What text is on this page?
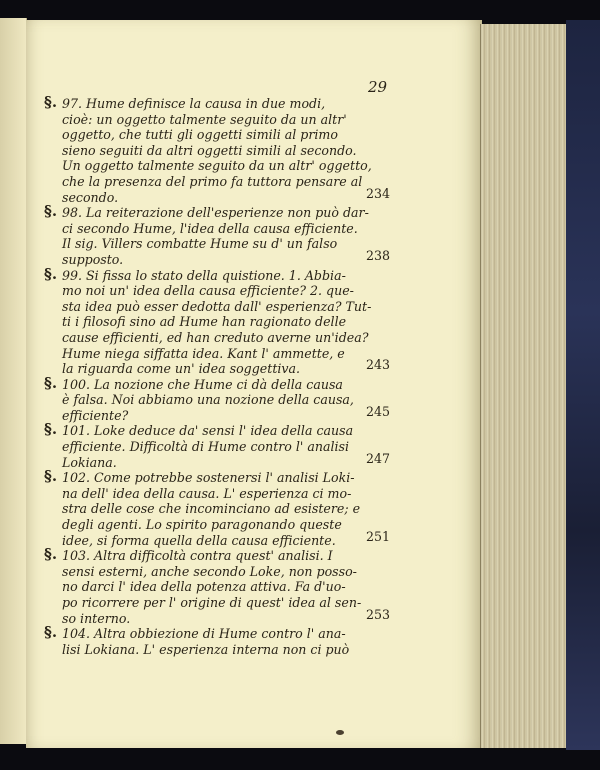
29
§. 97. Hume definisce la causa in due modi,
cioè: un oggetto talmente seguito da un altr'
oggetto, che tutti gli oggetti simili al primo
sieno seguiti da altri oggetti simili al secondo.
Un oggetto talmente seguito da un altr' oggetto,
che la presenza del primo fa tuttora pensare al
secondo.	234
§. 98. La reiterazione dell'esperienze non può dar-
ci secondo Hume, l'idea della causa efficiente.
Il sig. Villers combatte Hume su d' un falso
supposto.	238
§. 99. Si fissa lo stato della quistione. 1. Abbia-
mo noi un' idea della causa efficiente? 2. que-
sta idea può esser dedotta dall' esperienza? Tut-
ti i filosofi sino ad Hume han ragionato delle
cause efficienti, ed han creduto averne un'idea?
Hume niega siffatta idea. Kant l' ammette, e
la riguarda come un' idea soggettiva.	243
§. 100. La nozione che Hume ci dà della causa
è falsa. Noi abbiamo una nozione della causa,
efficiente?	245
§. 101. Loke deduce da' sensi l' idea della causa
efficiente. Difficoltà di Hume contro l' analisi
Lokiana.	247
§. 102. Come potrebbe sostenersi l' analisi Loki-
na dell' idea della causa. L' esperienza ci mo-
stra delle cose che incominciano ad esistere; e
degli agenti. Lo spirito paragonando queste
idee, si forma quella della causa efficiente.	251
§. 103. Altra difficoltà contra quest' analisi. I
sensi esterni, anche secondo Loke, non posso-
no darci l' idea della potenza attiva. Fa d'uo-
po ricorrere per l' origine di quest' idea al sen-
so interno.	253
§. 104. Altra obbiezione di Hume contro l' ana-
lisi Lokiana. L' esperienza interna non ci può
